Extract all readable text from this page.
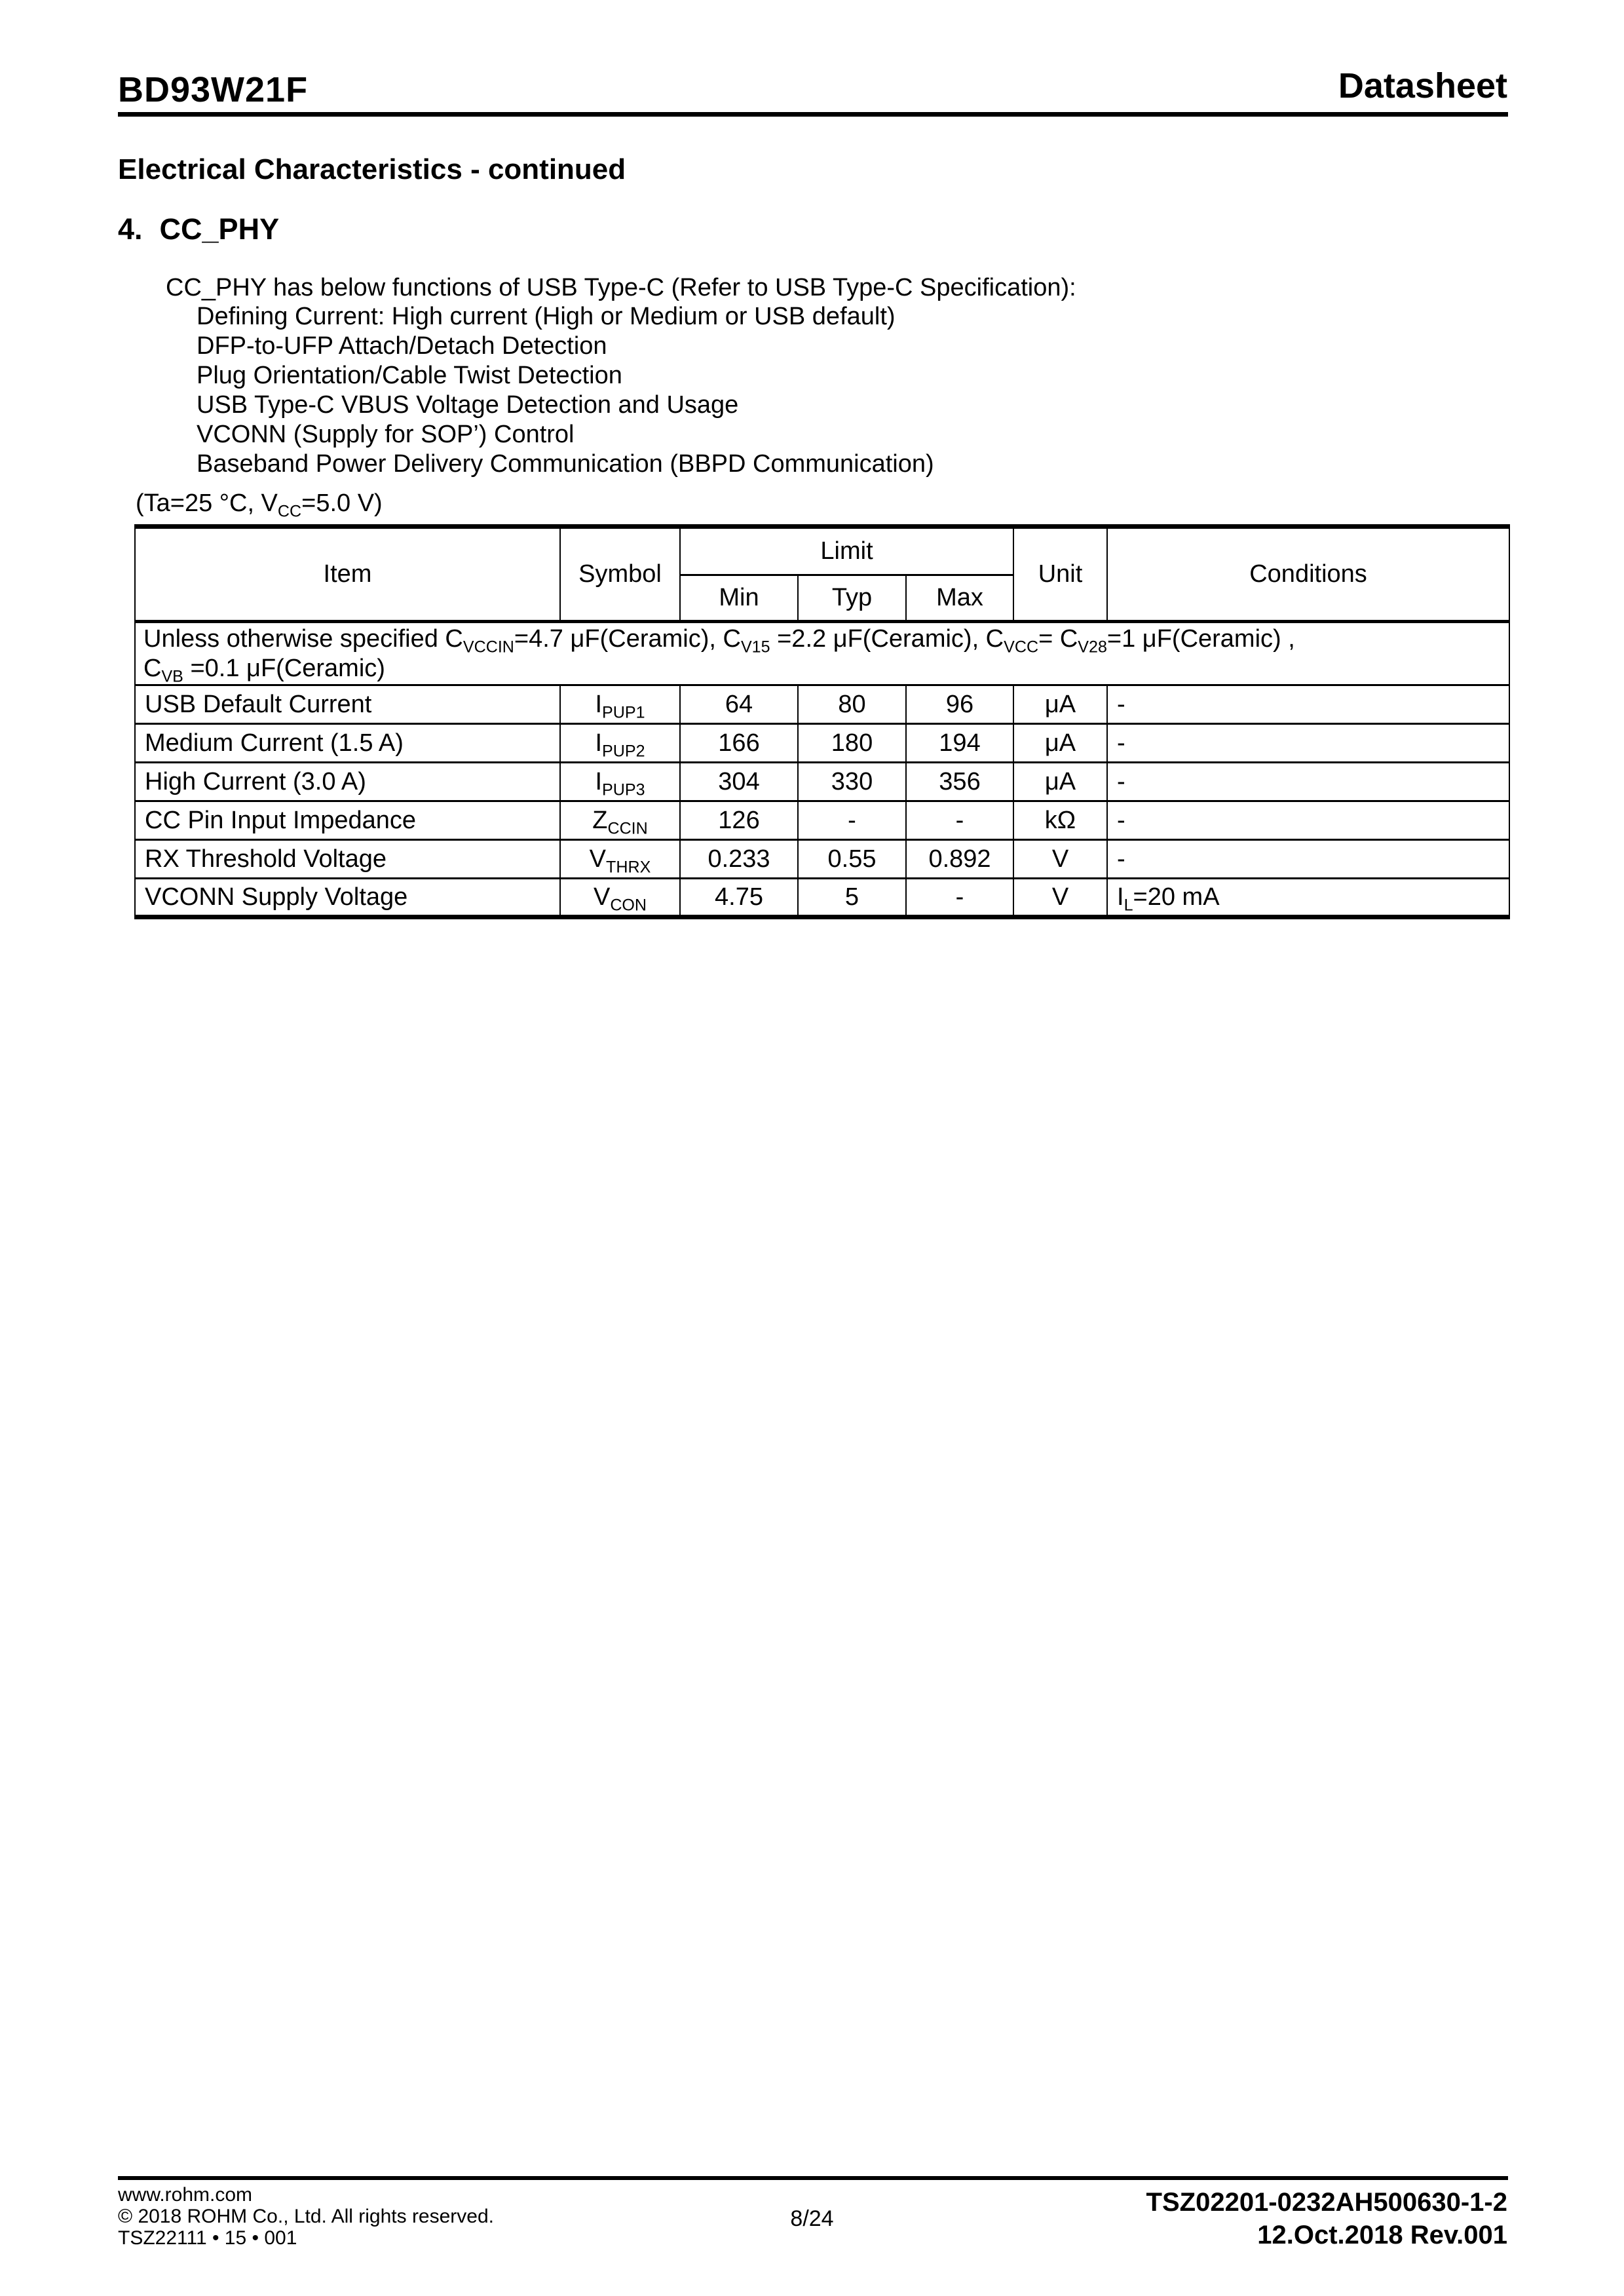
BD93W21F	Datasheet
Electrical Characteristics - continued
4. CC_PHY
CC_PHY has below functions of USB Type-C (Refer to USB Type-C Specification):
Defining Current: High current (High or Medium or USB default)
DFP-to-UFP Attach/Detach Detection
Plug Orientation/Cable Twist Detection
USB Type-C VBUS Voltage Detection and Usage
VCONN (Supply for SOP’) Control
Baseband Power Delivery Communication (BBPD Communication)
(Ta=25 °C, $V_{CC}=5.0$ V)
Item	Symbol	Limit			Unit	Conditions
		Min	Typ	Max		

Unless otherwise specified $C_{VCCIN}=4.7$ μF(Ceramic), $C_{V15} =2.2$ μF(Ceramic), $C_{VCC}= C_{V28}=1$ μF(Ceramic) ,
$C_{VB} =0.1$ μF(Ceramic)						

USB Default Current	$I_{PUP1}$	64	80	96	μA	-
Medium Current (1.5 A)	$I_{PUP2}$	166	180	194	μA	-
High Current (3.0 A)	$I_{PUP3}$	304	330	356	μA	-
CC Pin Input Impedance	$Z_{CCIN}$	126	-	-	kΩ	-
RX Threshold Voltage	$V_{THRX}$	0.233	0.55	0.892	V	-
VCONN Supply Voltage	$V_{CON}$	4.75	5	-	V	$I_L=20$ mA
www.rohm.com
© 2018 ROHM Co., Ltd. All rights reserved.
TSZ22111 • 15 • 001
8/24
TSZ02201-0232AH500630-1-2
12.Oct.2018 Rev.001
